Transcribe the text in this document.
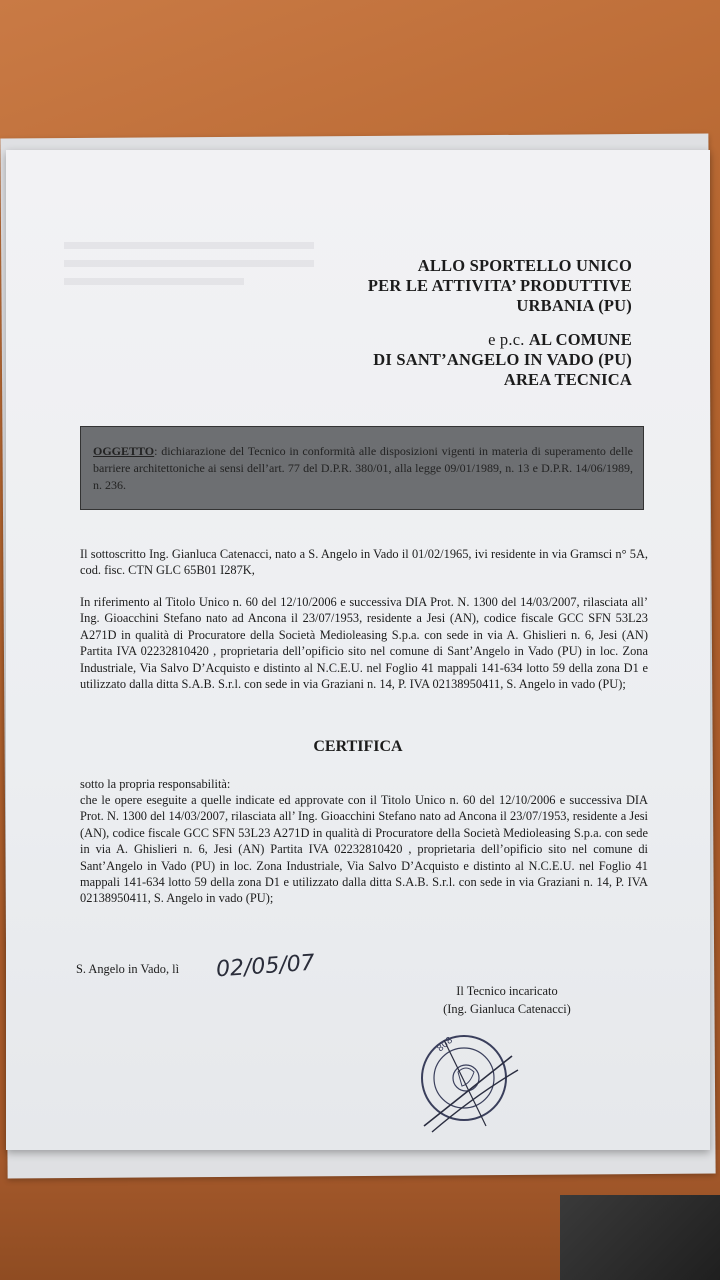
ALLO SPORTELLO UNICO
PER LE ATTIVITA’ PRODUTTIVE
URBANIA (PU)
e p.c. AL COMUNE
DI SANT’ANGELO IN VADO (PU)
AREA TECNICA
OGGETTO: dichiarazione del Tecnico in conformità alle disposizioni vigenti in materia di superamento delle barriere architettoniche ai sensi dell’art. 77 del D.P.R. 380/01, alla legge 09/01/1989, n. 13 e D.P.R. 14/06/1989, n. 236.
Il sottoscritto Ing. Gianluca Catenacci, nato a S. Angelo in Vado il 01/02/1965, ivi residente in via Gramsci n° 5A, cod. fisc. CTN GLC 65B01 I287K,
In riferimento al Titolo Unico n. 60 del 12/10/2006 e successiva DIA Prot. N. 1300 del 14/03/2007, rilasciata all’ Ing. Gioacchini Stefano nato ad Ancona il 23/07/1953, residente a Jesi (AN), codice fiscale GCC SFN 53L23 A271D in qualità di Procuratore della Società Medioleasing S.p.a. con sede in via A. Ghislieri n. 6, Jesi (AN) Partita IVA 02232810420 , proprietaria dell’opificio sito nel comune di Sant’Angelo in Vado (PU) in loc. Zona Industriale, Via Salvo D’Acquisto e distinto al N.C.E.U. nel Foglio 41 mappali 141-634 lotto 59 della zona D1 e utilizzato dalla ditta S.A.B. S.r.l. con sede in via Graziani n. 14, P. IVA 02138950411, S. Angelo in vado (PU);
CERTIFICA
sotto la propria responsabilità:
che le opere eseguite a quelle indicate ed approvate con il Titolo Unico n. 60 del 12/10/2006 e successiva DIA Prot. N. 1300 del 14/03/2007, rilasciata all’ Ing. Gioacchini Stefano nato ad Ancona il 23/07/1953, residente a Jesi (AN), codice fiscale GCC SFN 53L23 A271D in qualità di Procuratore della Società Medioleasing S.p.a. con sede in via A. Ghislieri n. 6, Jesi (AN) Partita IVA 02232810420 , proprietaria dell’opificio sito nel comune di Sant’Angelo in Vado (PU) in loc. Zona Industriale, Via Salvo D’Acquisto e distinto al N.C.E.U. nel Foglio 41 mappali 141-634 lotto 59 della zona D1 e utilizzato dalla ditta S.A.B. S.r.l. con sede in via Graziani n. 14, P. IVA 02138950411, S. Angelo in vado (PU);
S. Angelo in Vado, lì 02/05/07
Il Tecnico incaricato
(Ing. Gianluca Catenacci)
808
